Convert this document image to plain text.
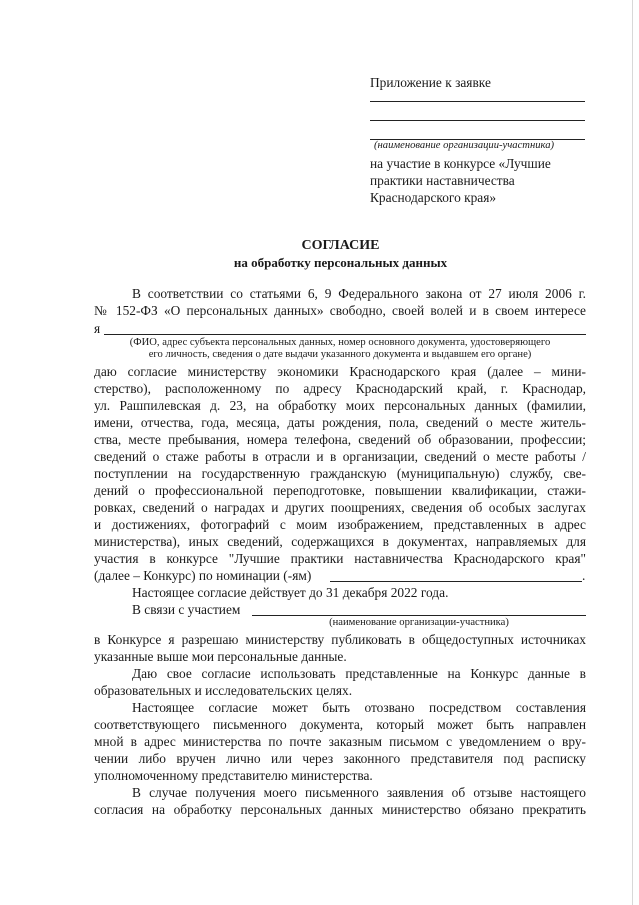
Приложение к заявке
(наименование организации-участника)
на участие в конкурсе «Лучшие
практики наставничества
Краснодарского края»
СОГЛАСИЕ
на обработку персональных данных
В соответствии со статьями 6, 9 Федерального закона от 27 июля 2006 г.
№ 152-ФЗ «О персональных данных» свободно, своей волей и в своем интересе
я
(ФИО, адрес субъекта персональных данных, номер основного документа, удостоверяющего
его личность, сведения о дате выдачи указанного документа и выдавшем его органе)
даю согласие министерству экономики Краснодарского края (далее – мини-
стерство), расположенному по адресу Краснодарский край, г. Краснодар,
ул. Рашпилевская д. 23, на обработку моих персональных данных (фамилии,
имени, отчества, года, месяца, даты рождения, пола, сведений о месте житель-
ства, месте пребывания, номера телефона, сведений об образовании, профессии;
сведений о стаже работы в отрасли и в организации, сведений о месте работы /
поступлении на государственную гражданскую (муниципальную) службу, све-
дений о профессиональной переподготовке, повышении квалификации, стажи-
ровках, сведений о наградах и других поощрениях, сведения об особых заслугах
и достижениях, фотографий с моим изображением, представленных в адрес
министерства), иных сведений, содержащихся в документах, направляемых для
участия в конкурсе "Лучшие практики наставничества Краснодарского края"
(далее – Конкурс) по номинации (-ям)	.
Настоящее согласие действует до 31 декабря 2022 года.
В связи с участием
(наименование организации-участника)
в Конкурсе я разрешаю министерству публиковать в общедоступных источниках
указанные выше мои персональные данные.
Даю свое согласие использовать представленные на Конкурс данные в
образовательных и исследовательских целях.
Настоящее согласие может быть отозвано посредством составления
соответствующего письменного документа, который может быть направлен
мной в адрес министерства по почте заказным письмом с уведомлением о вру-
чении либо вручен лично или через законного представителя под расписку
уполномоченному представителю министерства.
В случае получения моего письменного заявления об отзыве настоящего
согласия на обработку персональных данных министерство обязано прекратить
